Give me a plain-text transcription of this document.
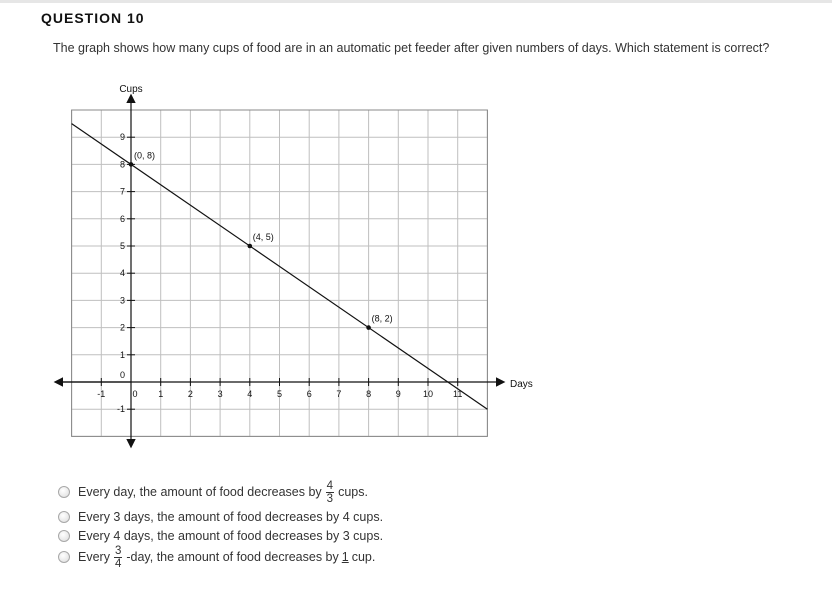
QUESTION 10
The graph shows how many cups of food are in an automatic pet feeder after given numbers of days. Which statement is correct?
-1	0 1	2	3	4	5	6	7	8	9 10 11
-1
0
1
2
3
4
5
6
7
8
9
(0, 8)
(4, 5)
(8, 2)
Cups
Days
Every day, the amount of food decreases by $\frac{4}{3}$ cups.
Every 3 days, the amount of food decreases by 4 cups.
Every 4 days, the amount of food decreases by 3 cups.
Every $\frac{3}{4} -day$, the amount of food decreases by 1 cup.
